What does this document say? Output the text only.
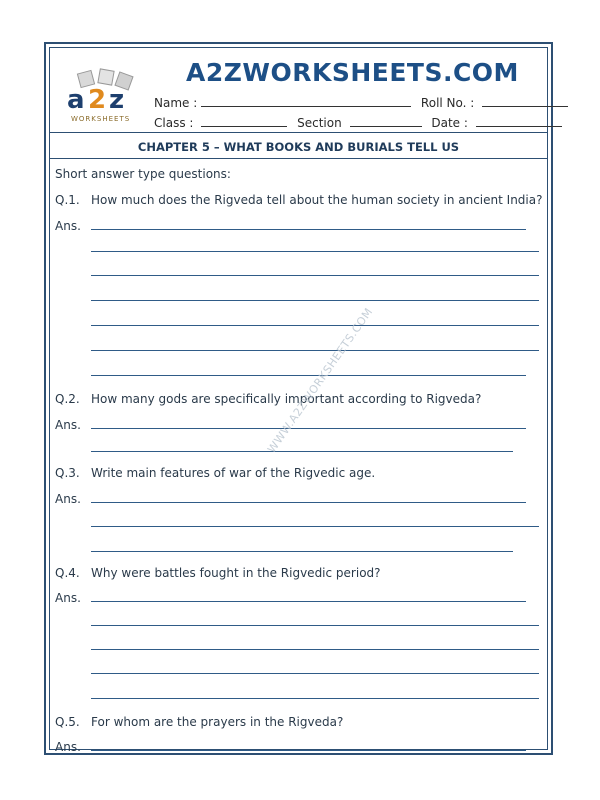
a 2 z
WORKSHEETS
A2ZWORKSHEETS.COM
Name :	Roll No. :
Class :	Section	Date :
CHAPTER 5 – WHAT BOOKS AND BURIALS TELL US
Short answer type questions:
Q.1. How much does the Rigveda tell about the human society in ancient India?
Ans.
Q.2. How many gods are specifically important according to Rigveda?
Ans.
Q.3. Write main features of war of the Rigvedic age.
Ans.
Q.4. Why were battles fought in the Rigvedic period?
Ans.
Q.5. For whom are the prayers in the Rigveda?
Ans.
WWW.A2ZWORKSHEETS.COM
